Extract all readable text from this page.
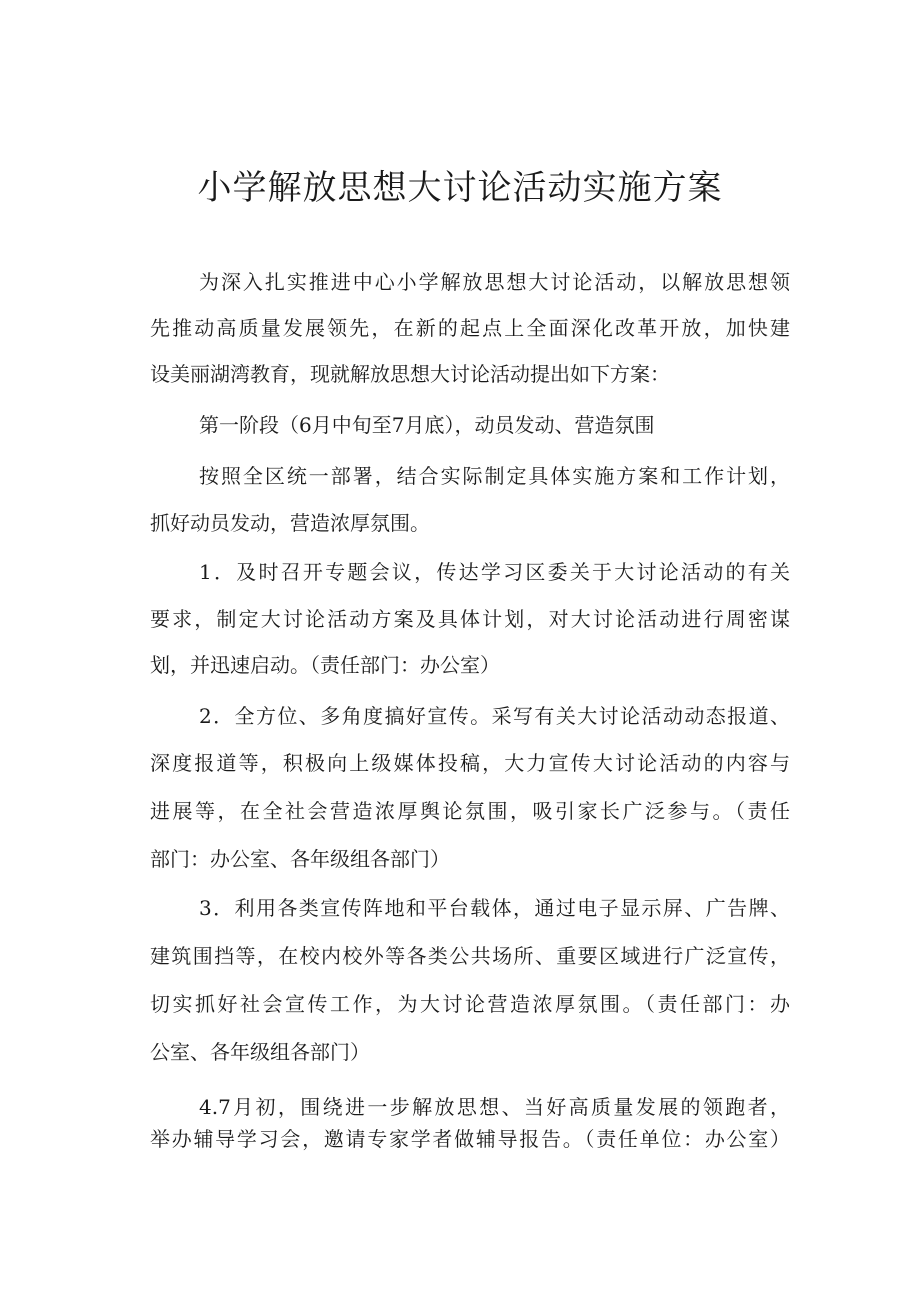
小学解放思想大讨论活动实施方案

为深入扎实推进中心小学解放思想大讨论活动，以解放思想领

先推动高质量发展领先，在新的起点上全面深化改革开放，加快建

设美丽湖湾教育，现就解放思想大讨论活动提出如下方案：

第一阶段（6月中旬至7月底），动员发动、营造氛围

按照全区统一部署，结合实际制定具体实施方案和工作计划，

抓好动员发动，营造浓厚氛围。

1．及时召开专题会议，传达学习区委关于大讨论活动的有关

要求，制定大讨论活动方案及具体计划，对大讨论活动进行周密谋

划，并迅速启动。（责任部门：办公室）

2．全方位、多角度搞好宣传。采写有关大讨论活动动态报道、

深度报道等，积极向上级媒体投稿，大力宣传大讨论活动的内容与

进展等，在全社会营造浓厚舆论氛围，吸引家长广泛参与。（责任

部门：办公室、各年级组各部门）

3．利用各类宣传阵地和平台载体，通过电子显示屏、广告牌、

建筑围挡等，在校内校外等各类公共场所、重要区域进行广泛宣传，

切实抓好社会宣传工作，为大讨论营造浓厚氛围。（责任部门：办

公室、各年级组各部门）

4.7月初，围绕进一步解放思想、当好高质量发展的领跑者，

举办辅导学习会，邀请专家学者做辅导报告。（责任单位：办公室）
